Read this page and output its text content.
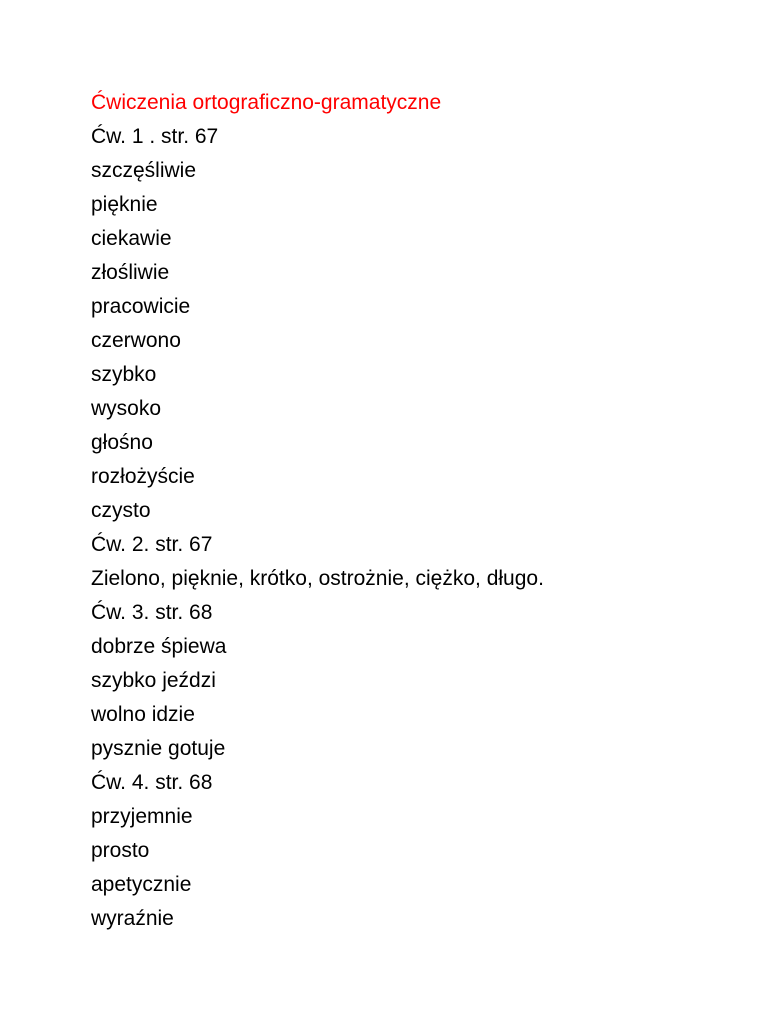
Ćwiczenia ortograficzno-gramatyczne
Ćw. 1 . str. 67
szczęśliwie
pięknie
ciekawie
złośliwie
pracowicie
czerwono
szybko
wysoko
głośno
rozłożyście
czysto
Ćw. 2. str. 67
Zielono, pięknie, krótko, ostrożnie, ciężko, długo.
Ćw. 3. str. 68
dobrze śpiewa
szybko jeździ
wolno idzie
pysznie gotuje
Ćw. 4. str. 68
przyjemnie
prosto
apetycznie
wyraźnie
